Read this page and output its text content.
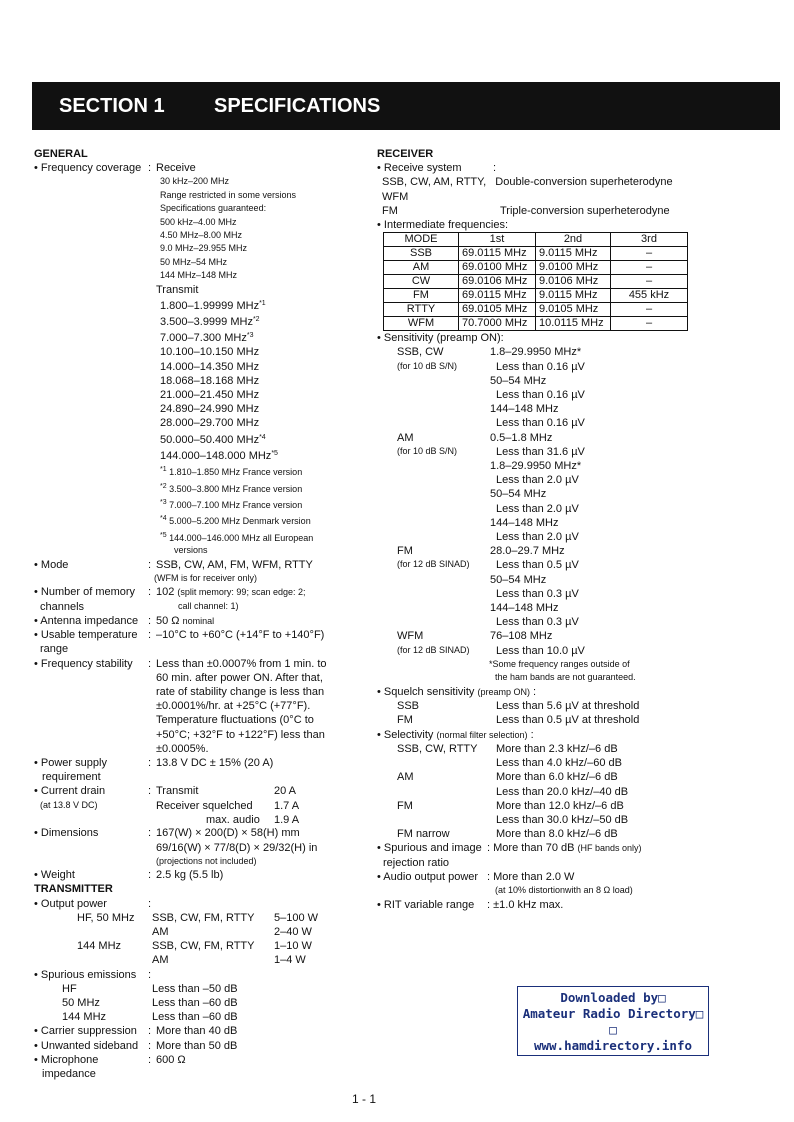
SECTION 1 SPECIFICATIONS
GENERAL
• Frequency coverage : Receive
30 kHz–200 MHz
Range restricted in some versions
Specifications guaranteed:
500 kHz–4.00 MHz
4.50 MHz–8.00 MHz
9.0 MHz–29.955 MHz
50 MHz–54 MHz
144 MHz–148 MHz
Transmit
1.800–1.99999 MHz$^{*1}$
3.500–3.9999 MHz$^{*2}$
7.000–7.300 MHz$^{*3}$
10.100–10.150 MHz
14.000–14.350 MHz
18.068–18.168 MHz
21.000–21.450 MHz
24.890–24.990 MHz
28.000–29.700 MHz
50.000–50.400 MHz$^{*4}$
144.000–148.000 MHz$^{*5}$
$^{*1}$ 1.810–1.850 MHz France version
$^{*2}$ 3.500–3.800 MHz France version
$^{*3}$ 7.000–7.100 MHz France version
$^{*4}$ 5.000–5.200 MHz Denmark version
$^{*5}$ 144.000–146.000 MHz all European
versions
• Mode	: SSB, CW, AM, FM, WFM, RTTY
(WFM is for receiver only)
• Number of memory	: 102 (split memory: 99; scan edge: 2;
channels	call channel: 1)
• Antenna impedance : 50 Ω nominal
• Usable temperature : –10°C to +60°C (+14°F to +140°F)
range
• Frequency stability	: Less than ±0.0007% from 1 min. to
60 min. after power ON. After that,
rate of stability change is less than
±0.0001%/hr. at +25°C (+77°F).
Temperature fluctuations (0°C to
+50°C; +32°F to +122°F) less than
±0.0005%.
• Power supply	: 13.8 V DC ± 15% (20 A)
requirement
• Current drain	: Transmit	20 A
Receiver squelched	1.7 A
max. audio	1.9 A
(at 13.8 V DC)
• Dimensions	: 167(W) × 200(D) × 58(H) mm
69/16(W) × 77/8(D) × 29/32(H) in
(projections not included)
• Weight	: 2.5 kg (5.5 lb)
TRANSMITTER
• Output power	:
HF, 50 MHz	SSB, CW, FM, RTTY	5–100 W
AM	2–40 W
144 MHz	SSB, CW, FM, RTTY	1–10 W
AM	1–4 W
• Spurious emissions	:
HF	Less than –50 dB
50 MHz	Less than –60 dB
144 MHz	Less than –60 dB
• Carrier suppression	: More than 40 dB
• Unwanted sideband : More than 50 dB
• Microphone	: 600 Ω
impedance
RECEIVER
• Receive system	:
SSB, CW, AM, RTTY,   Double-conversion superheterodyne
WFM
FM	Triple-conversion superheterodyne
• Intermediate frequencies:
MODE	1st	2nd	3rd
SSB	69.0115 MHz	9.0115 MHz	–
AM	69.0100 MHz	9.0100 MHz	–
CW	69.0106 MHz	9.0106 MHz	–
FM	69.0115 MHz	9.0115 MHz	455 kHz
RTTY	69.0105 MHz	9.0105 MHz	–
WFM	70.7000 MHz	10.0115 MHz	–
• Sensitivity (preamp ON):
SSB, CW	1.8–29.9950 MHz*
(for 10 dB S/N)	Less than 0.16 µV
50–54 MHz
Less than 0.16 µV
144–148 MHz
Less than 0.16 µV
AM	0.5–1.8 MHz
(for 10 dB S/N)	Less than 31.6 µV
1.8–29.9950 MHz*
Less than 2.0 µV
50–54 MHz
Less than 2.0 µV
144–148 MHz
Less than 2.0 µV
FM	28.0–29.7 MHz
(for 12 dB SINAD)	Less than 0.5 µV
50–54 MHz
Less than 0.3 µV
144–148 MHz
Less than 0.3 µV
WFM	76–108 MHz
(for 12 dB SINAD)	Less than 10.0 µV
*Some frequency ranges outside of
the ham bands are not guaranteed.
• Squelch sensitivity (preamp ON) :
SSB	Less than 5.6 µV at threshold
FM	Less than 0.5 µV at threshold
• Selectivity (normal filter selection) :
SSB, CW, RTTY	More than 2.3 kHz/–6 dB
Less than 4.0 kHz/–60 dB
AM	More than 6.0 kHz/–6 dB
Less than 20.0 kHz/–40 dB
FM	More than 12.0 kHz/–6 dB
Less than 30.0 kHz/–50 dB
FM narrow	More than 8.0 kHz/–6 dB
• Spurious and image : More than 70 dB (HF bands only)
rejection ratio
• Audio output power : More than 2.0 W
(at 10% distortionwith an 8 Ω load)
• RIT variable range	: ±1.0 kHz max.
Downloaded by□
Amateur Radio Directory□
□
www.hamdirectory.info
1 - 1
